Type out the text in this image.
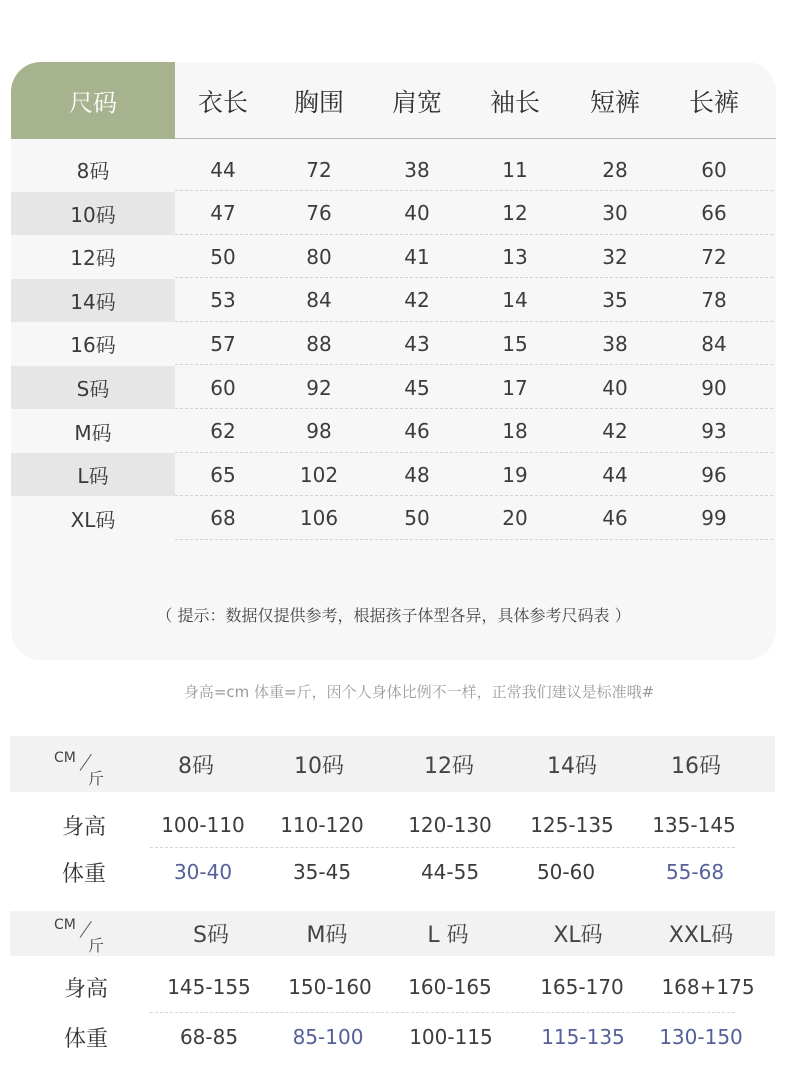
尺码	衣长	胸围	肩宽	袖长	短裤	长裤
8码	44	72	38	11	28	60
10码	47	76	40	12	30	66
12码	50	80	41	13	32	72
14码	53	84	42	14	35	78
16码	57	88	43	15	38	84
S码	60	92	45	17	40	90
M码	62	98	46	18	42	93
L码	65	102	48	19	44	96
XL码	68	106	50	20	46	99
（ 提示：数据仅提供参考，根据孩子体型各异，具体参考尺码表 ）
身高=cm 体重=斤，因个人身体比例不一样，正常我们建议是标准哦#
CM
斤	8码	10码	12码	14码	16码
身高	100-110	110-120	120-130	125-135	135-145
体重	30-40	35-45	44-55	50-60	55-68
CM
斤	S码	M码	L 码	XL码	XXL码
身高	145-155	150-160	160-165	165-170	168+175
体重	68-85	85-100	100-115	115-135	130-150
